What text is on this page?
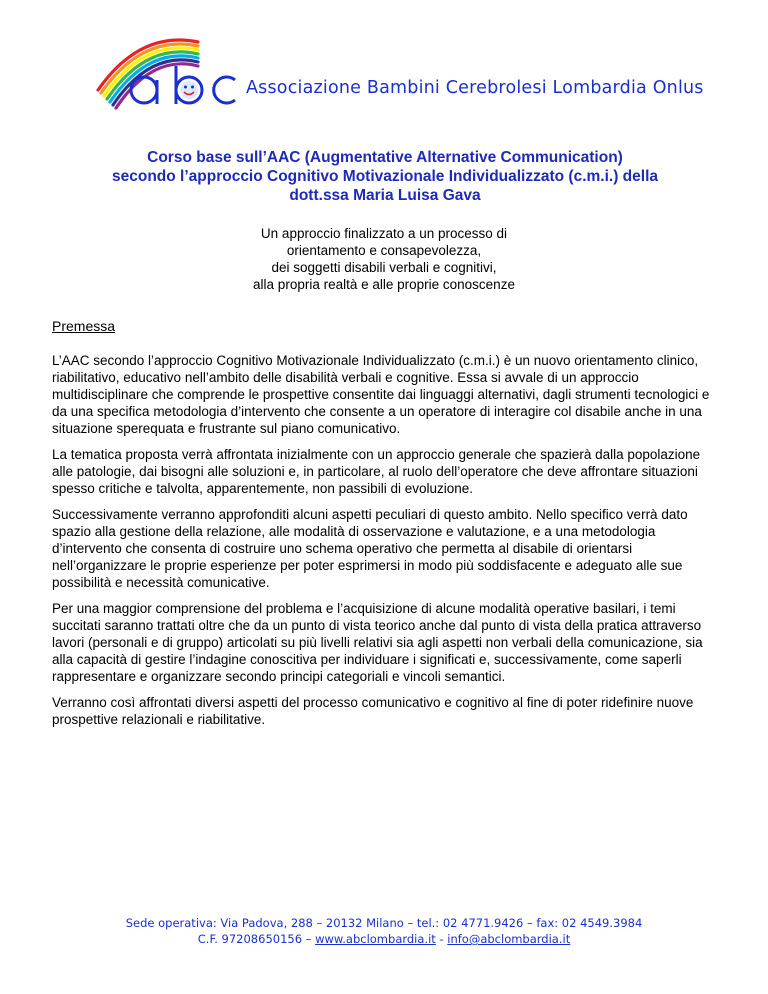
Associazione Bambini Cerebrolesi Lombardia Onlus
Corso base sull’AAC (Augmentative Alternative Communication)
secondo l’approccio Cognitivo Motivazionale Individualizzato (c.m.i.) della
dott.ssa Maria Luisa Gava
Un approccio finalizzato a un processo di
orientamento e consapevolezza,
dei soggetti disabili verbali e cognitivi,
alla propria realtà e alle proprie conoscenze
Premessa

L’AAC secondo l’approccio Cognitivo Motivazionale Individualizzato (c.m.i.) è un nuovo orientamento clinico, riabilitativo, educativo nell’ambito delle disabilità verbali e cognitive. Essa si avvale di un approccio multidisciplinare che comprende le prospettive consentite dai linguaggi alternativi, dagli strumenti tecnologici e da una specifica metodologia d’intervento che consente a un operatore di interagire col disabile anche in una situazione sperequata e frustrante sul piano comunicativo.

La tematica proposta verrà affrontata inizialmente con un approccio generale che spazierà dalla popolazione alle patologie, dai bisogni alle soluzioni e, in particolare, al ruolo dell’operatore che deve affrontare situazioni spesso critiche e talvolta, apparentemente, non passibili di evoluzione.

Successivamente verranno approfonditi alcuni aspetti peculiari di questo ambito. Nello specifico verrà dato spazio alla gestione della relazione, alle modalità di osservazione e valutazione, e a una metodologia d’intervento che consenta di costruire uno schema operativo che permetta al disabile di orientarsi nell’organizzare le proprie esperienze per poter esprimersi in modo più soddisfacente e adeguato alle sue possibilità e necessità comunicative.

Per una maggior comprensione del problema e l’acquisizione di alcune modalità operative basilari, i temi succitati saranno trattati oltre che da un punto di vista teorico anche dal punto di vista della pratica attraverso lavori (personali e di gruppo) articolati su più livelli relativi sia agli aspetti non verbali della comunicazione, sia alla capacità di gestire l’indagine conoscitiva per individuare i significati e, successivamente, come saperli rappresentare e organizzare secondo principi categoriali e vincoli semantici.

Verranno così affrontati diversi aspetti del processo comunicativo e cognitivo al fine di poter ridefinire nuove prospettive relazionali e riabilitative.

Sede operativa: Via Padova, 288 – 20132 Milano – tel.: 02 4771.9426 – fax: 02 4549.3984
C.F. 97208650156 – www.abclombardia.it - info@abclombardia.it
